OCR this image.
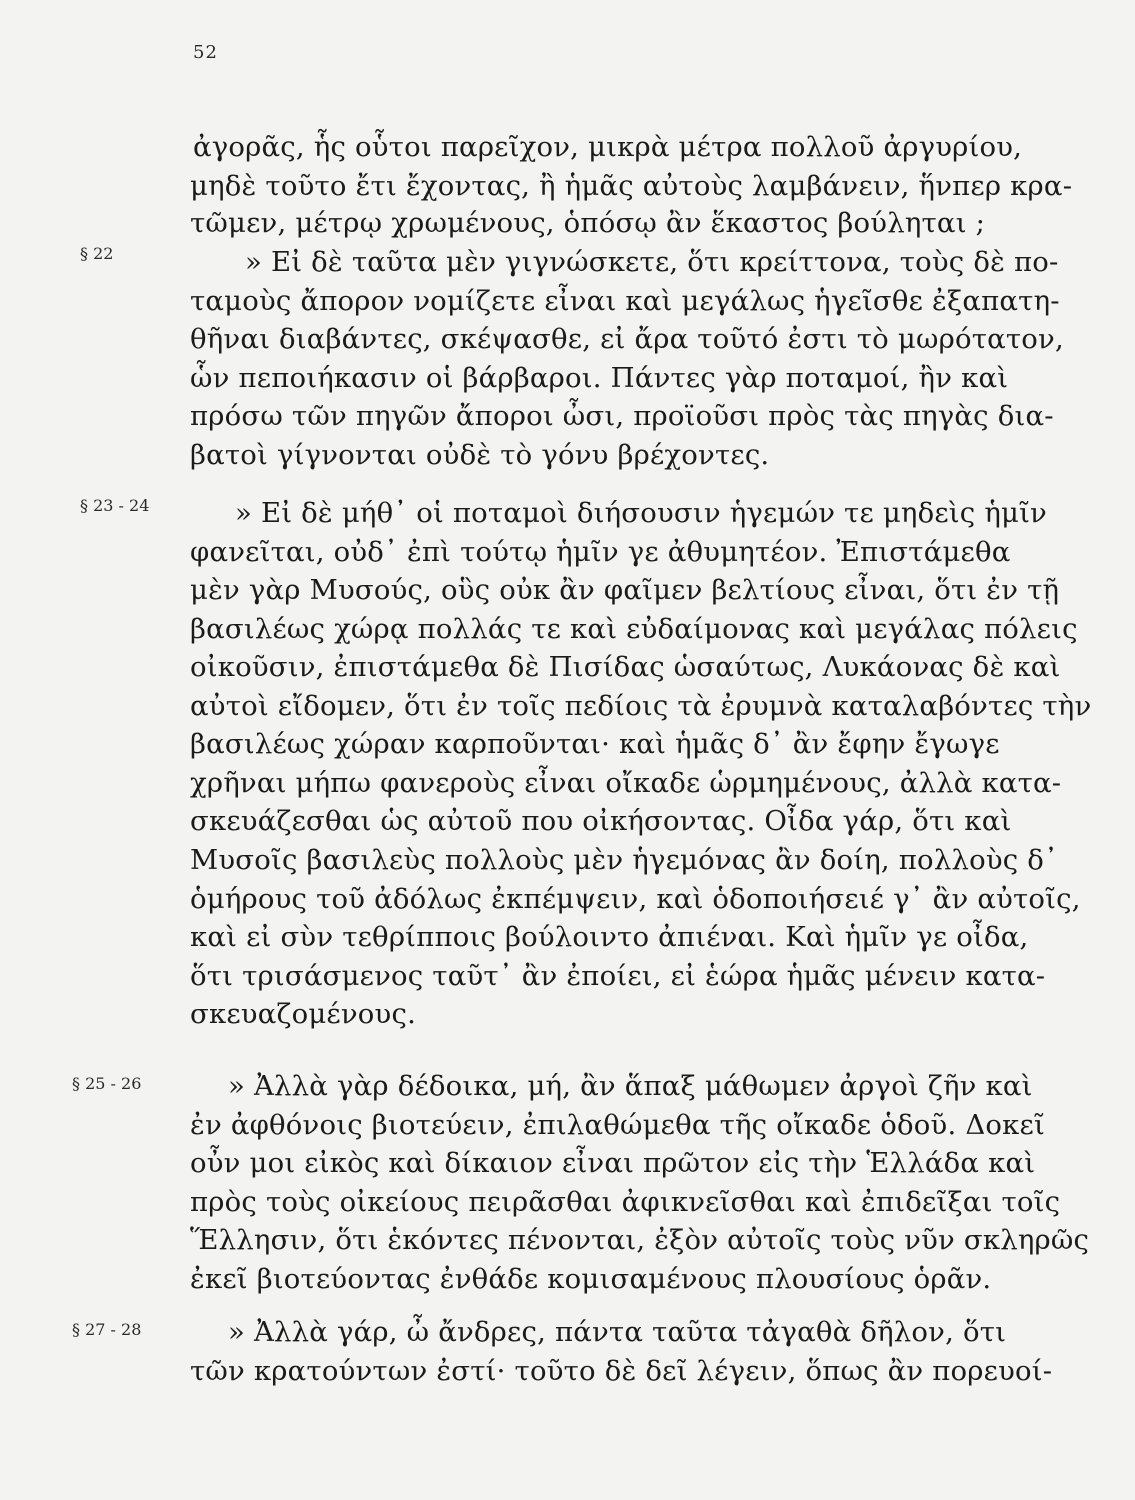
52
§ 22
§ 23 - 24
§ 25 - 26
§ 27 - 28
ἀγορᾶς, ἧς οὗτοι παρεῖχον, μικρὰ μέτρα πολλοῦ ἀργυρίου,
μηδὲ τοῦτο ἔτι ἔχοντας, ἢ ἡμᾶς αὐτοὺς λαμβάνειν, ἥνπερ κρα-
τῶμεν, μέτρῳ χρωμένους, ὁπόσῳ ἂν ἕκαστος βούληται ;
» Εἰ δὲ ταῦτα μὲν γιγνώσκετε, ὅτι κρείττονα, τοὺς δὲ πο-
ταμοὺς ἄπορον νομίζετε εἶναι καὶ μεγάλως ἡγεῖσθε ἐξαπατη-
θῆναι διαβάντες, σκέψασθε, εἰ ἄρα τοῦτό ἐστι τὸ μωρότατον,
ὧν πεποιήκασιν οἱ βάρβαροι. Πάντες γὰρ ποταμοί, ἢν καὶ
πρόσω τῶν πηγῶν ἄποροι ὦσι, προϊοῦσι πρὸς τὰς πηγὰς δια-
βατοὶ γίγνονται οὐδὲ τὸ γόνυ βρέχοντες.
» Εἰ δὲ μήθ᾽ οἱ ποταμοὶ διήσουσιν ἡγεμών τε μηδεὶς ἡμῖν
φανεῖται, οὐδ᾽ ἐπὶ τούτῳ ἡμῖν γε ἀθυμητέον. Ἐπιστάμεθα
μὲν γὰρ Μυσούς, οὓς οὐκ ἂν φαῖμεν βελτίους εἶναι, ὅτι ἐν τῇ
βασιλέως χώρᾳ πολλάς τε καὶ εὐδαίμονας καὶ μεγάλας πόλεις
οἰκοῦσιν, ἐπιστάμεθα δὲ Πισίδας ὡσαύτως, Λυκάονας δὲ καὶ
αὐτοὶ εἴδομεν, ὅτι ἐν τοῖς πεδίοις τὰ ἐρυμνὰ καταλαβόντες τὴν
βασιλέως χώραν καρποῦνται· καὶ ἡμᾶς δ᾽ ἂν ἔφην ἔγωγε
χρῆναι μήπω φανεροὺς εἶναι οἴκαδε ὡρμημένους, ἀλλὰ κατα-
σκευάζεσθαι ὡς αὐτοῦ που οἰκήσοντας. Οἶδα γάρ, ὅτι καὶ
Μυσοῖς βασιλεὺς πολλοὺς μὲν ἡγεμόνας ἂν δοίη, πολλοὺς δ᾽
ὁμήρους τοῦ ἀδόλως ἐκπέμψειν, καὶ ὁδοποιήσειέ γ᾽ ἂν αὐτοῖς,
καὶ εἰ σὺν τεθρίπποις βούλοιντο ἀπιέναι. Καὶ ἡμῖν γε οἶδα,
ὅτι τρισάσμενος ταῦτ᾽ ἂν ἐποίει, εἰ ἑώρα ἡμᾶς μένειν κατα-
σκευαζομένους.
» Ἀλλὰ γὰρ δέδοικα, μή, ἂν ἅπαξ μάθωμεν ἀργοὶ ζῆν καὶ
ἐν ἀφθόνοις βιοτεύειν, ἐπιλαθώμεθα τῆς οἴκαδε ὁδοῦ. Δοκεῖ
οὖν μοι εἰκὸς καὶ δίκαιον εἶναι πρῶτον εἰς τὴν Ἑλλάδα καὶ
πρὸς τοὺς οἰκείους πειρᾶσθαι ἀφικνεῖσθαι καὶ ἐπιδεῖξαι τοῖς
Ἕλλησιν, ὅτι ἑκόντες πένονται, ἐξὸν αὐτοῖς τοὺς νῦν σκληρῶς
ἐκεῖ βιοτεύοντας ἐνθάδε κομισαμένους πλουσίους ὁρᾶν.
» Ἀλλὰ γάρ, ὦ ἄνδρες, πάντα ταῦτα τἀγαθὰ δῆλον, ὅτι
τῶν κρατούντων ἐστί· τοῦτο δὲ δεῖ λέγειν, ὅπως ἂν πορευοί-
